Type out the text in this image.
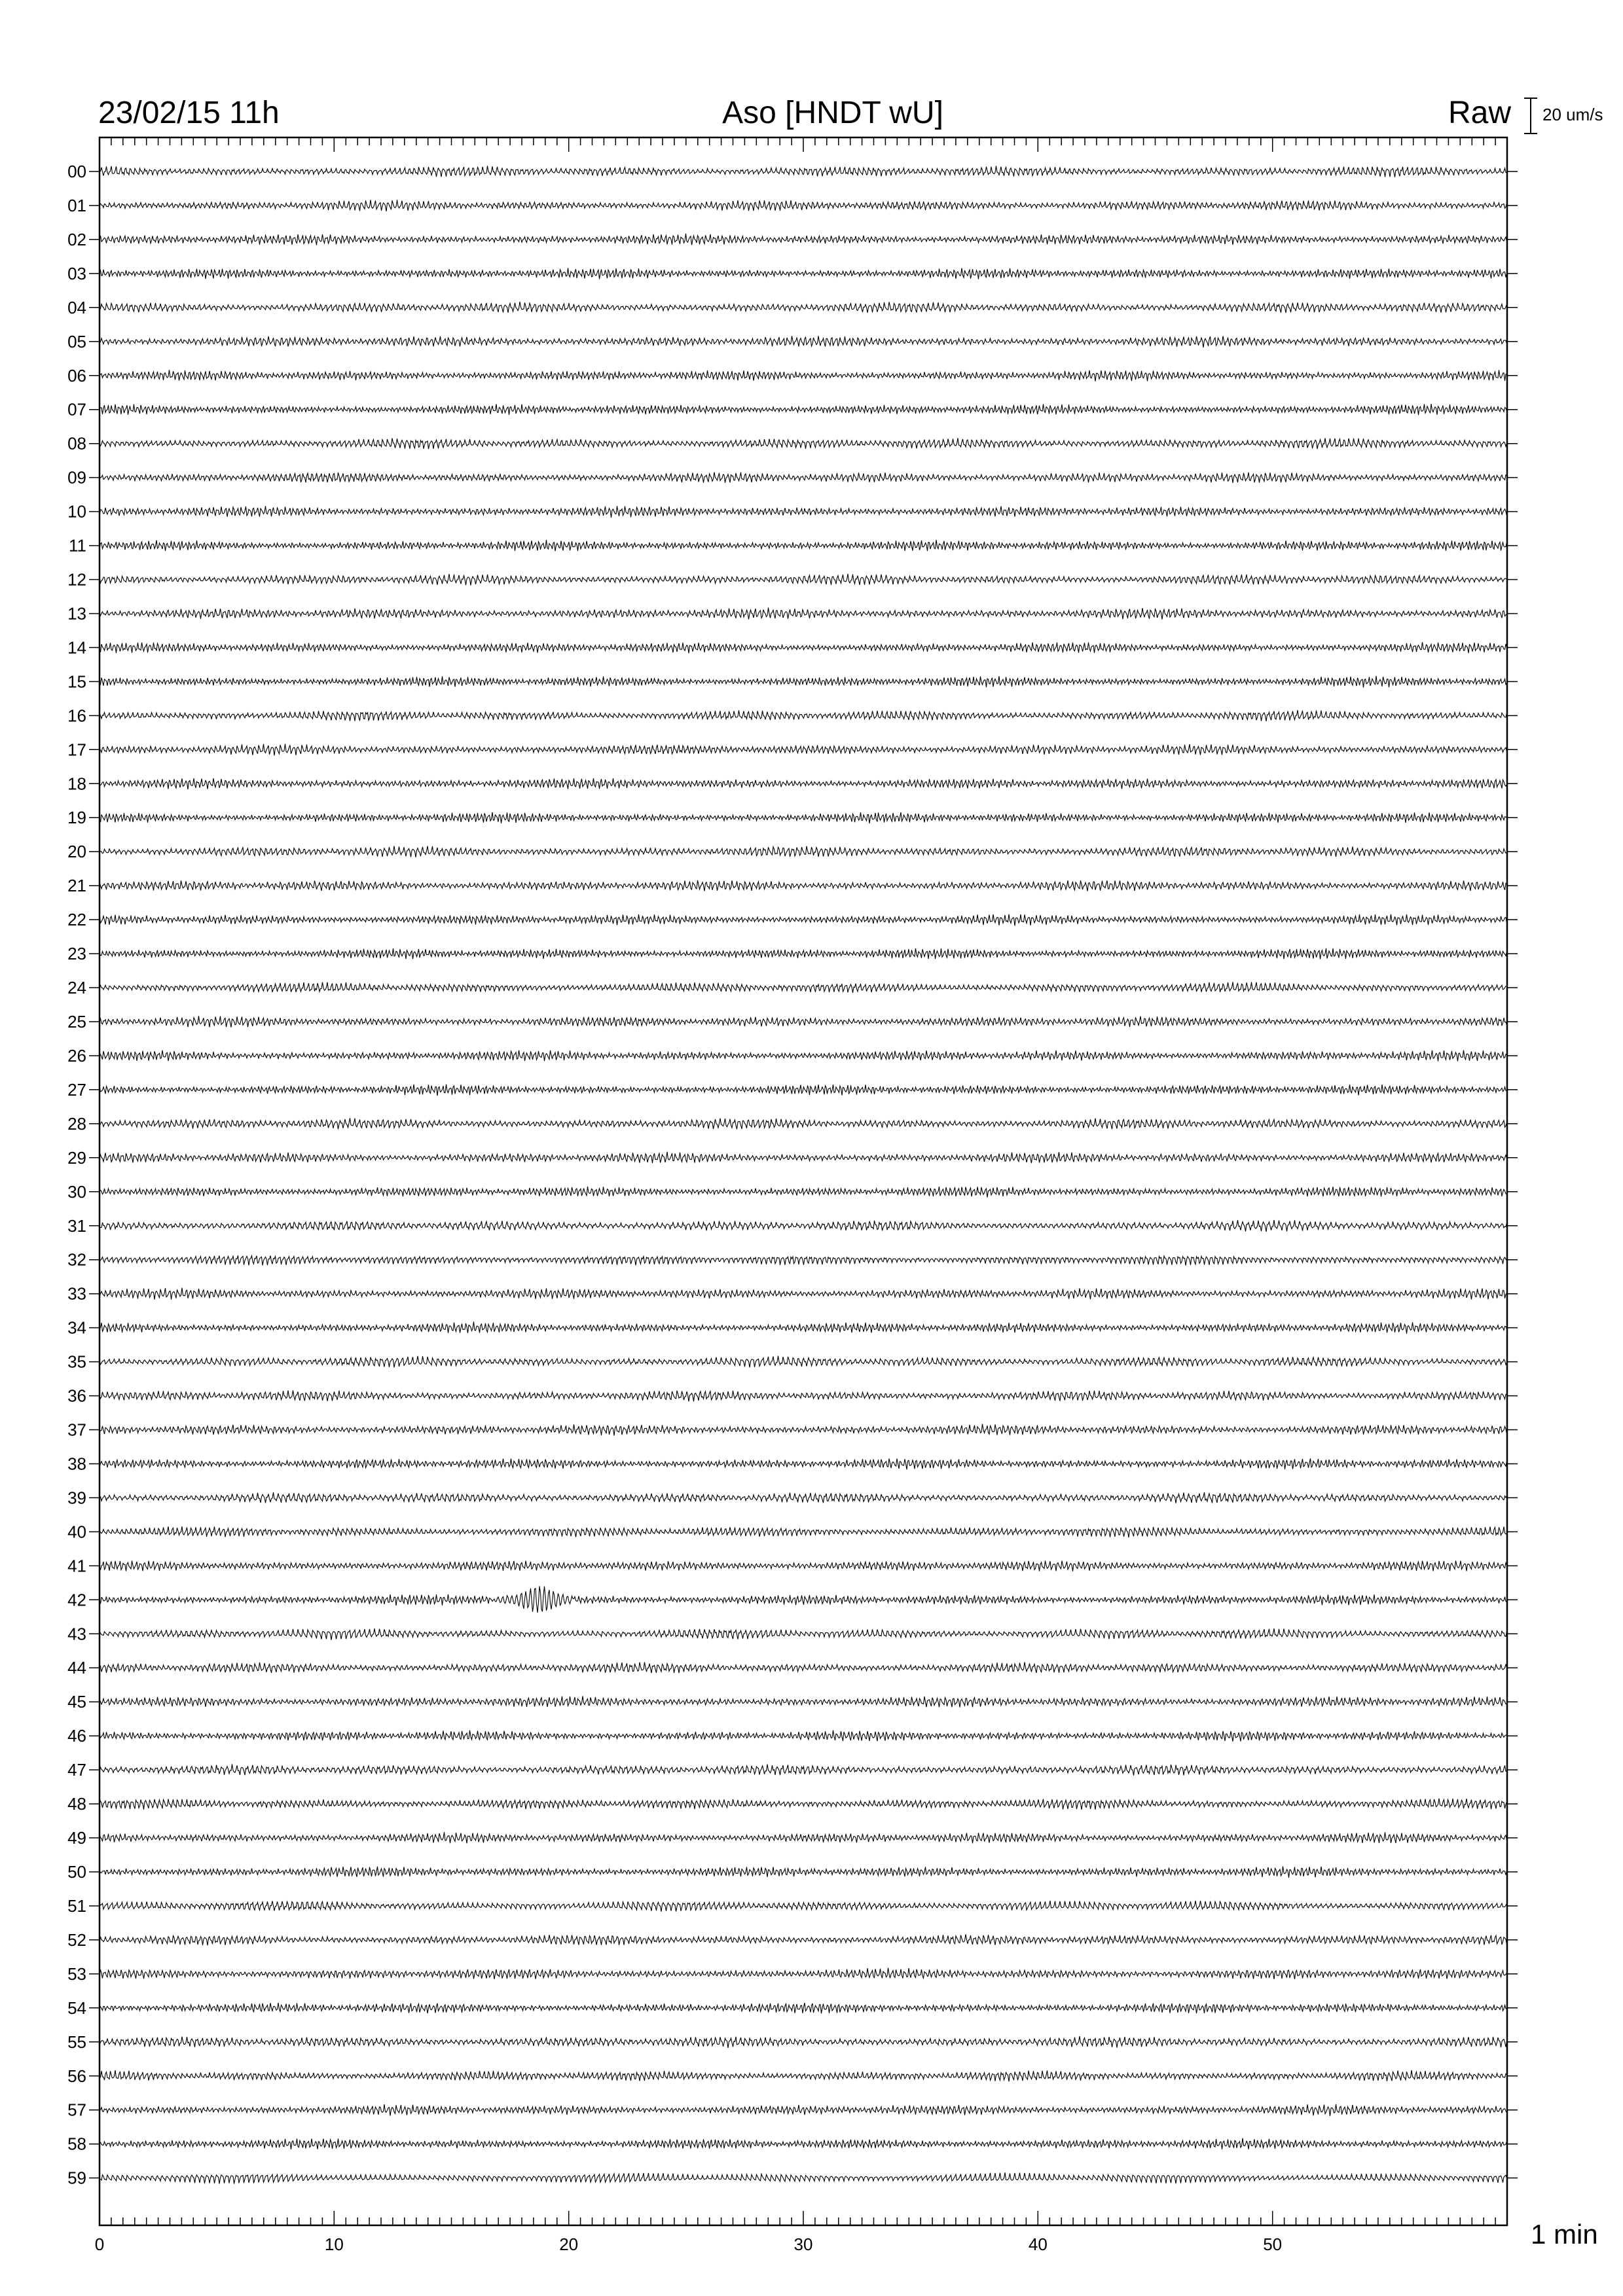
23/02/15 11h	Aso [HNDT wU]	Raw 20 um/s
00
01
02
03
04
05
06
07
08
09
10
11
12
13
14
15
16
17
18
19
20
21
22
23
24
25
26
27
28
29
30
31
32
33
34
35
36
37
38
39
40
41
42
43
44
45
46
47
48
49
50
51
52
53
54
55
56
57
58
59
0	10	20	30	40	50	1 min
